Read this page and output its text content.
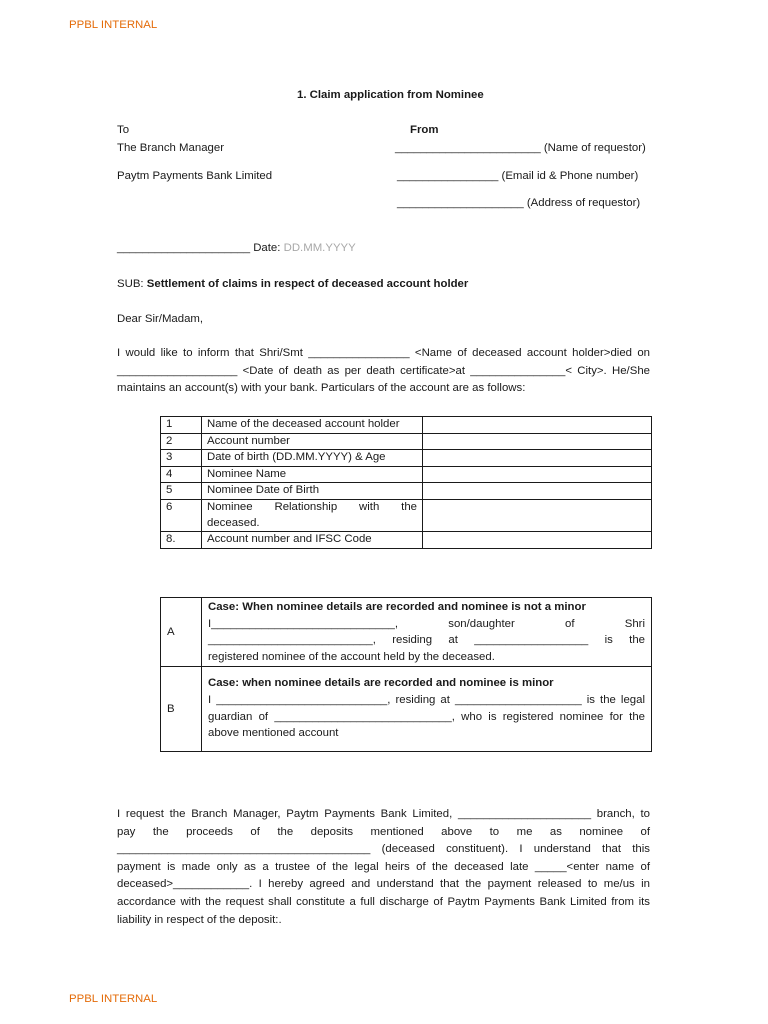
PPBL INTERNAL
PPBL INTERNAL
1. Claim application from Nominee
To
The Branch Manager
Paytm Payments Bank Limited
From
_______________________ (Name of requestor)
________________ (Email id & Phone number)
____________________ (Address of requestor)
_____________________ Date: DD.MM.YYYY
SUB: Settlement of claims in respect of deceased account holder
Dear Sir/Madam,
I would like to inform that Shri/Smt ________________ <Name of deceased account holder>died on
___________________ <Date of death as per death certificate>at _______________< City>. He/She
maintains an account(s) with your bank. Particulars of the account are as follows:
1	Name of the deceased account holder	
2	Account number	
3	Date of birth (DD.MM.YYYY) & Age	
4	Nominee Name	
5	Nominee Date of Birth	
6	Nominee Relationship with the
deceased.	

8.	Account number and IFSC Code	
A	Case: When nominee details are recorded and nominee is not a minor
I_____________________________, son/daughter of Shri
__________________________, residing at __________________ is the
registered nominee of the account held by the deceased.

B	Case: when nominee details are recorded and nominee is minor
I ___________________________, residing at ____________________ is the legal
guardian of ____________________________, who is registered nominee for the
above mentioned account
I request the Branch Manager, Paytm Payments Bank Limited, _____________________ branch, to
pay the proceeds of the deposits mentioned above to me as nominee of
________________________________________ (deceased constituent). I understand that this
payment is made only as a trustee of the legal heirs of the deceased late _____<enter name of
deceased>____________. I hereby agreed and understand that the payment released to me/us in
accordance with the request shall constitute a full discharge of Paytm Payments Bank Limited from its
liability in respect of the deposit:.
